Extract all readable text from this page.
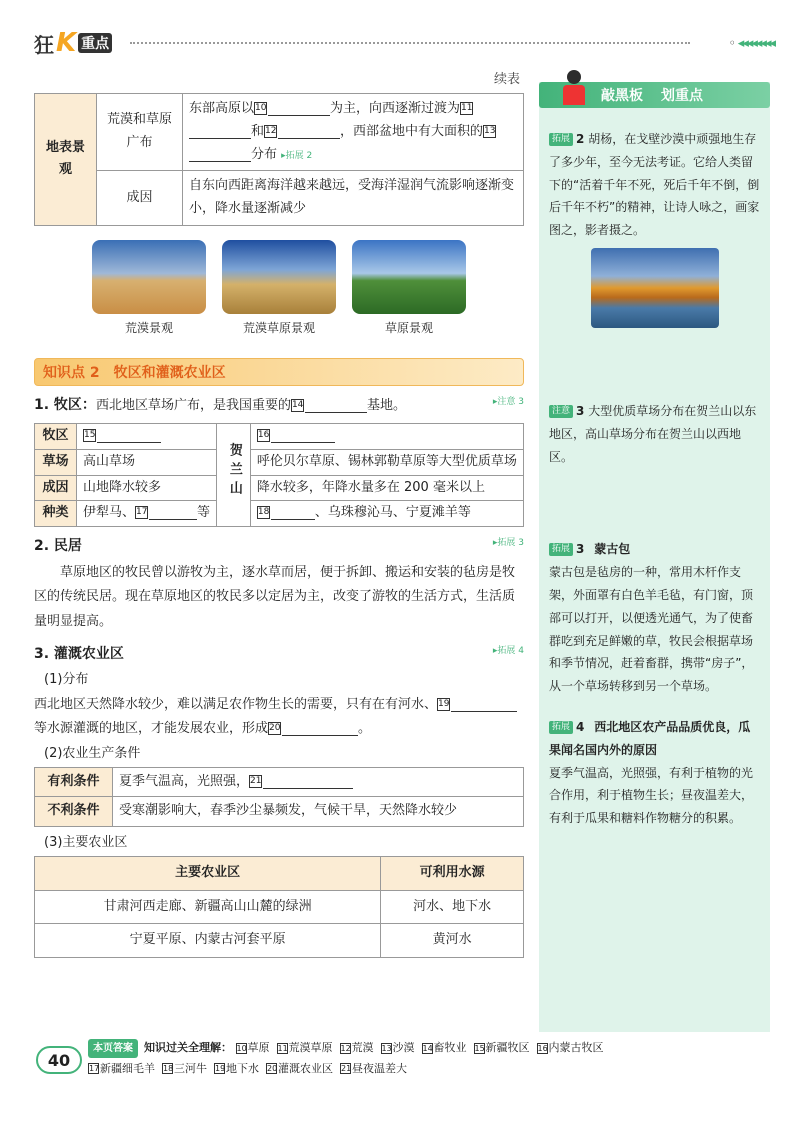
狂 K 重点	◦ ◂◂◂◂◂◂◂◂
续表
地表景观	荒漠和草原广布	东部高原以10 为主，向西逐渐过渡为11和12 ，西部盆地中有大面积的13分布 ▸拓展 2
	成因	自东向西距离海洋越来越远，受海洋湿润气流影响逐渐变小，降水量逐渐减少
荒漠景观	荒漠草原景观	草原景观
知识点 2　牧区和灌溉农业区
1. 牧区：西北地区草场广布，是我国重要的14	基地。	▸注意 3
牧区	15	贺兰山	16
草场	高山草场		呼伦贝尔草原、锡林郭勒草原等大型优质草场
成因	山地降水较多		降水较多，年降水量多在 200 毫米以上
种类	伊犁马、17 等		18 、乌珠穆沁马、宁夏滩羊等
2. 民居	▸拓展 3
草原地区的牧民曾以游牧为主，逐水草而居，便于拆卸、搬运和安装的毡房是牧区的传统民居。现在草原地区的牧民多以定居为主，改变了游牧的生活方式，生活质量明显提高。
3. 灌溉农业区	▸拓展 4
(1)分布
西北地区天然降水较少，难以满足农作物生长的需要，只有在有河水、19等水源灌溉的地区，才能发展农业，形成20	。
(2)农业生产条件
有利条件	夏季气温高，光照强，21
不利条件	受寒潮影响大，春季沙尘暴频发，气候干旱，天然降水较少
(3)主要农业区
主要农业区	可利用水源
甘肃河西走廊、新疆高山山麓的绿洲	河水、地下水
宁夏平原、内蒙古河套平原	黄河水
敲黑板 划重点
拓展 2 胡杨，在戈壁沙漠中顽强地生存了多少年，至今无法考证。它给人类留下的“活着千年不死，死后千年不倒，倒后千年不朽”的精神，让诗人咏之，画家图之，影者摄之。
注意 3 大型优质草场分布在贺兰山以东地区，高山草场分布在贺兰山以西地区。
拓展 3 蒙古包
蒙古包是毡房的一种，常用木杆作支架，外面罩有白色羊毛毡，有门窗，顶部可以打开，以便透光通气，为了使畜群吃到充足鲜嫩的草，牧民会根据草场和季节情况，赶着畜群，携带“房子”，从一个草场转移到另一个草场。
拓展 4 西北地区农产品品质优良，瓜果闻名国内外的原因
夏季气温高，光照强，有利于植物的光合作用，利于植物生长；昼夜温差大，有利于瓜果和糖料作物糖分的积累。
40
本页答案 知识过关全理解： 10草原 11荒漠草原 12荒漠 13沙漠 14畜牧业 15新疆牧区 16内蒙古牧区
17新疆细毛羊 18三河牛 19地下水 20灌溉农业区 21昼夜温差大
